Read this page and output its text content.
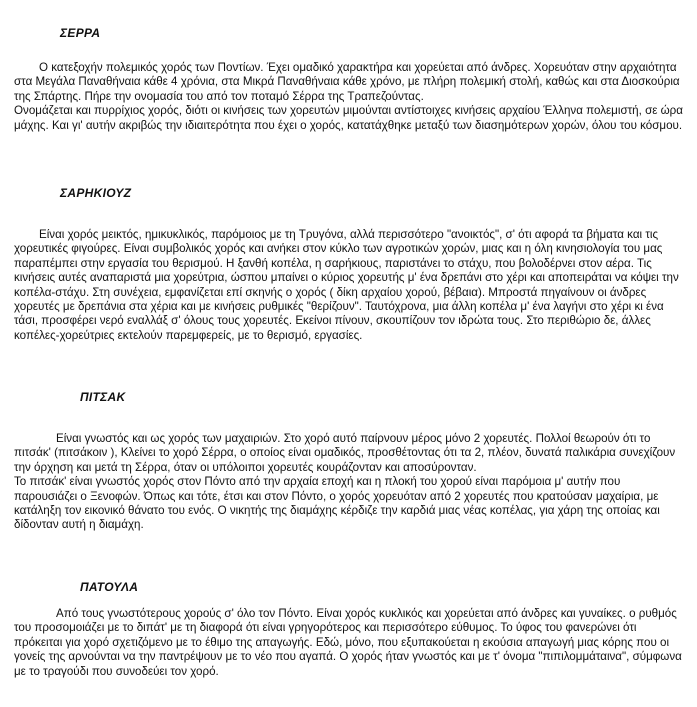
ΣΕΡΡΑ

Ο κατεξοχήν πολεμικός χορός των Ποντίων. Έχει ομαδικό χαρακτήρα και χορεύεται από άνδρες. Χορευόταν στην αρχαιότητα στα Μεγάλα Παναθήναια κάθε 4 χρόνια, στα Μικρά Παναθήναια κάθε χρόνο, με πλήρη πολεμική στολή, καθώς και στα Διοσκούρια της Σπάρτης. Πήρε την ονομασία του από τον ποταμό Σέρρα της Τραπεζούντας.

Ονομάζεται και πυρρίχιος χορός, διότι οι κινήσεις των χορευτών μιμούνται αντίστοιχες κινήσεις αρχαίου Έλληνα πολεμιστή, σε ώρα μάχης. Και γι' αυτήν ακριβώς την ιδιαιτερότητα που έχει ο χορός, κατατάχθηκε μεταξύ των διασημότερων χορών, όλου του κόσμου.

ΣΑΡΗΚΙΟΥΖ

Είναι χορός μεικτός, ημικυκλικός, παρόμοιος με τη Τρυγόνα, αλλά περισσότερο "ανοικτός", σ' ότι αφορά τα βήματα και τις χορευτικές φιγούρες. Είναι συμβολικός χορός και ανήκει στον κύκλο των αγροτικών χορών, μιας και η όλη κινησιολογία του μας παραπέμπει στην εργασία του θερισμού. Η ξανθή κοπέλα, η σαρήκιους, παριστάνει το στάχυ, που βολοδέρνει στον αέρα. Τις κινήσεις αυτές αναπαριστά μια χορεύτρια, ώσπου μπαίνει ο κύριος χορευτής μ' ένα δρεπάνι στο χέρι και αποπειράται να κόψει την κοπέλα-στάχυ. Στη συνέχεια, εμφανίζεται επί σκηνής ο χορός ( δίκη αρχαίου χορού, βέβαια). Μπροστά πηγαίνουν οι άνδρες χορευτές με δρεπάνια στα χέρια και με κινήσεις ρυθμικές "θερίζουν". Ταυτόχρονα, μια άλλη κοπέλα μ' ένα λαγήνι στο χέρι κι ένα τάσι, προσφέρει νερό εναλλάξ σ' όλους τους χορευτές. Εκείνοι πίνουν, σκουπίζουν τον ιδρώτα τους. Στο περιθώριο δε, άλλες κοπέλες-χορεύτριες εκτελούν παρεμφερείς, με το θερισμό, εργασίες.

ΠΙΤΣΑΚ

Είναι γνωστός και ως χορός των μαχαιριών. Στο χορό αυτό παίρνουν μέρος μόνο 2 χορευτές. Πολλοί θεωρούν ότι το πιτσάκ' (πιτσάκοιν ), Κλείνει το χορό Σέρρα, ο οποίος είναι ομαδικός, προσθέτοντας ότι τα 2, πλέον, δυνατά παλικάρια συνεχίζουν την όρχηση και μετά τη Σέρρα, όταν οι υπόλοιποι χορευτές κουράζονταν και αποσύρονταν.

Το πιτσάκ' είναι γνωστός χορός στον Πόντο από την αρχαία εποχή και η πλοκή του χορού είναι παρόμοια μ' αυτήν που παρουσιάζει ο Ξενοφών. Όπως και τότε, έτσι και στον Πόντο, ο χορός χορευόταν από 2 χορευτές που κρατούσαν μαχαίρια, με κατάληξη τον εικονικό θάνατο του ενός. Ο νικητής της διαμάχης κέρδιζε την καρδιά μιας νέας κοπέλας, για χάρη της οποίας και δίδονταν αυτή η διαμάχη.

ΠΑΤΟΥΛΑ

Από τους γνωστότερους χορούς σ' όλο τον Πόντο. Είναι χορός κυκλικός και χορεύεται από άνδρες και γυναίκες. ο ρυθμός του προσομοιάζει με το διπάτ' με τη διαφορά ότι είναι γρηγορότερος και περισσότερο εύθυμος. Το ύφος του φανερώνει ότι πρόκειται για χορό σχετιζόμενο με το έθιμο της απαγωγής. Εδώ, μόνο, που εξυπακούεται η εκούσια απαγωγή μιας κόρης που οι γονείς της αρνούνται να την παντρέψουν με το νέο που αγαπά. Ο χορός ήταν γνωστός και με τ' όνομα "πιπιλομμάταινα", σύμφωνα με το τραγούδι που συνοδεύει τον χορό.
